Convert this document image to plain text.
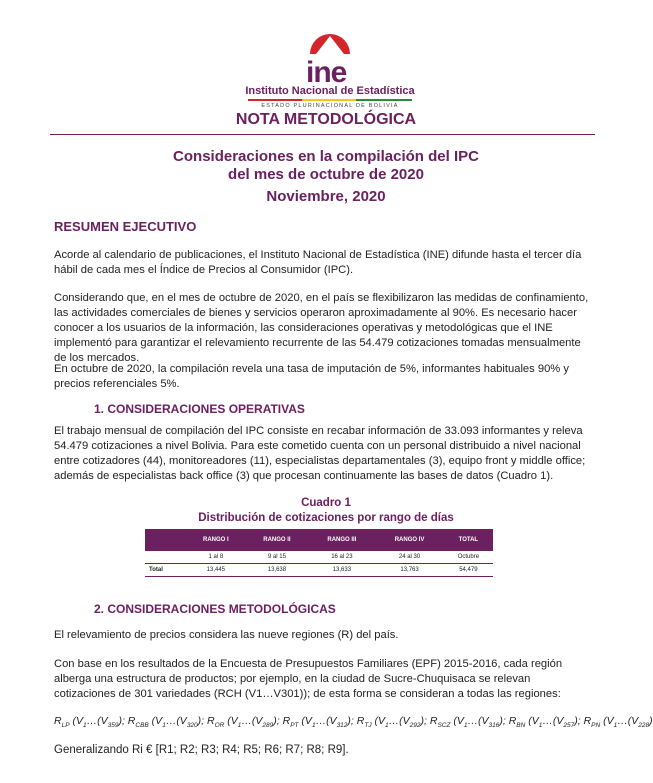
ine
Instituto Nacional de Estadística
ESTADO PLURINACIONAL DE BOLIVIA
NOTA METODOLÓGICA
Consideraciones en la compilación del IPC
del mes de octubre de 2020
Noviembre, 2020
RESUMEN EJECUTIVO

Acorde al calendario de publicaciones, el Instituto Nacional de Estadística (INE) difunde hasta el tercer día hábil de cada mes el Índice de Precios al Consumidor (IPC).

Considerando que, en el mes de octubre de 2020, en el país se flexibilizaron las medidas de confinamiento, las actividades comerciales de bienes y servicios operaron aproximadamente al 90%. Es necesario hacer conocer a los usuarios de la información, las consideraciones operativas y metodológicas que el INE implementó para garantizar el relevamiento recurrente de las 54.479 cotizaciones tomadas mensualmente de los mercados.

En octubre de 2020, la compilación revela una tasa de imputación de 5%, informantes habituales 90% y precios referenciales 5%.

1. CONSIDERACIONES OPERATIVAS

El trabajo mensual de compilación del IPC consiste en recabar información de 33.093 informantes y releva 54.479 cotizaciones a nivel Bolivia. Para este cometido cuenta con un personal distribuido a nivel nacional entre cotizadores (44), monitoreadores (11), especialistas departamentales (3), equipo front y middle office; además de especialistas back office (3) que procesan continuamente las bases de datos (Cuadro 1).

Cuadro 1
Distribución de cotizaciones por rango de días
	RANGO I	RANGO II	RANGO III	RANGO IV	TOTAL
	1 al 8	9 al 15	16 al 23	24 al 30	Octubre
Total	13,445	13,638	13,633	13,763	54,479
2. CONSIDERACIONES METODOLÓGICAS

El relevamiento de precios considera las nueve regiones (R) del país.

Con base en los resultados de la Encuesta de Presupuestos Familiares (EPF) 2015-2016, cada región alberga una estructura de productos; por ejemplo, en la ciudad de Sucre-Chuquisaca se relevan cotizaciones de 301 variedades (RCH (V1…V301)); de esta forma se consideran a todas las regiones:

$R_{LP}$ ($V_1\dots(V_{359})$; $R_{CBB}$ ($V_1\dots(V_{320})$; $R_{OR}$ ($V_1\dots(V_{289})$; $R_{PT}$ ($V_1\dots(V_{312})$; $R_{TJ}$ ($V_1\dots(V_{292})$; $R_{SCZ}$ ($V_1\dots(V_{316})$; $R_{BN}$ ($V_1\dots(V_{257})$; $R_{PN}$ ($V_1\dots(V_{228})$
Generalizando Ri € [R1; R2; R3; R4; R5; R6; R7; R8; R9].
